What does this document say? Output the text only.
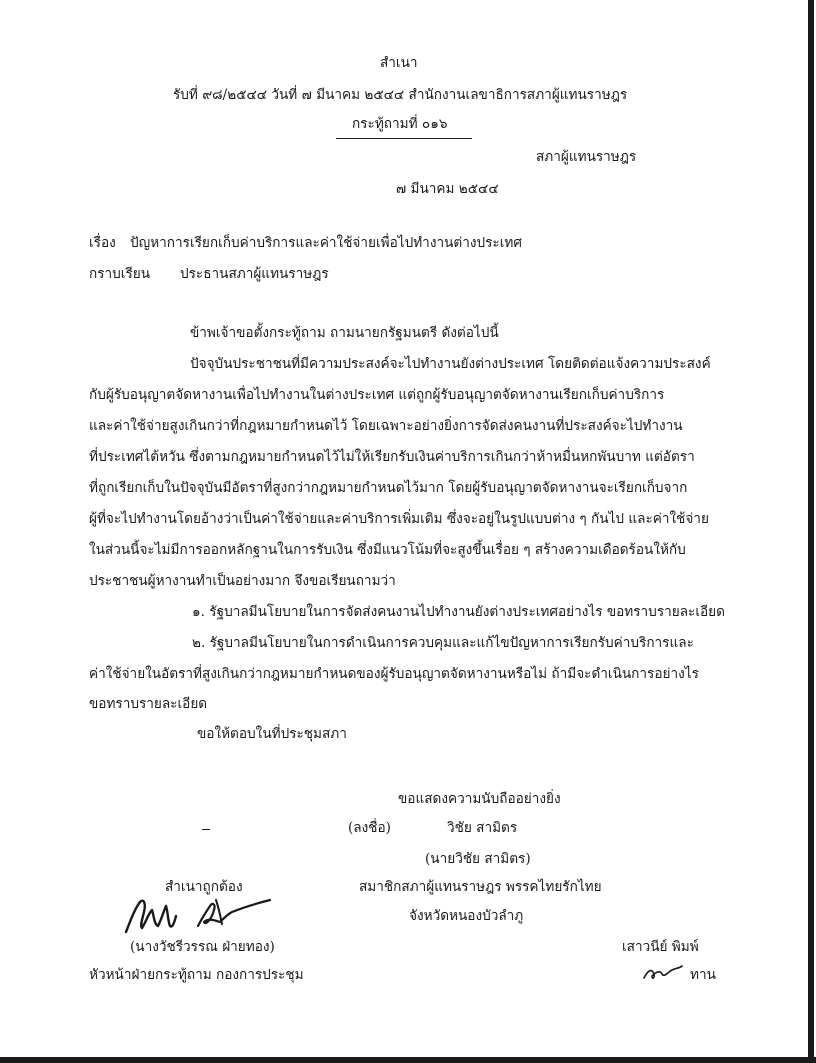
สำเนา
รับที่ ๙๘/๒๕๔๔ วันที่ ๗ มีนาคม ๒๕๔๔ สำนักงานเลขาธิการสภาผู้แทนราษฎร
กระทู้ถามที่ ๐๑๖
สภาผู้แทนราษฎร
๗ มีนาคม ๒๕๔๔
เรื่อง ปัญหาการเรียกเก็บค่าบริการและค่าใช้จ่ายเพื่อไปทำงานต่างประเทศ
กราบเรียน ประธานสภาผู้แทนราษฎร
ข้าพเจ้าขอตั้งกระทู้ถาม ถามนายกรัฐมนตรี ดังต่อไปนี้
ปัจจุบันประชาชนที่มีความประสงค์จะไปทำงานยังต่างประเทศ โดยติดต่อแจ้งความประสงค์
กับผู้รับอนุญาตจัดหางานเพื่อไปทำงานในต่างประเทศ แต่ถูกผู้รับอนุญาตจัดหางานเรียกเก็บค่าบริการ
และค่าใช้จ่ายสูงเกินกว่าที่กฎหมายกำหนดไว้ โดยเฉพาะอย่างยิ่งการจัดส่งคนงานที่ประสงค์จะไปทำงาน
ที่ประเทศไต้หวัน ซึ่งตามกฎหมายกำหนดไว้ไม่ให้เรียกรับเงินค่าบริการเกินกว่าห้าหมื่นหกพันบาท แต่อัตรา
ที่ถูกเรียกเก็บในปัจจุบันมีอัตราที่สูงกว่ากฎหมายกำหนดไว้มาก โดยผู้รับอนุญาตจัดหางานจะเรียกเก็บจาก
ผู้ที่จะไปทำงานโดยอ้างว่าเป็นค่าใช้จ่ายและค่าบริการเพิ่มเติม ซึ่งจะอยู่ในรูปแบบต่าง ๆ กันไป และค่าใช้จ่าย
ในส่วนนี้จะไม่มีการออกหลักฐานในการรับเงิน ซึ่งมีแนวโน้มที่จะสูงขึ้นเรื่อย ๆ สร้างความเดือดร้อนให้กับ
ประชาชนผู้หางานทำเป็นอย่างมาก จึงขอเรียนถามว่า
๑. รัฐบาลมีนโยบายในการจัดส่งคนงานไปทำงานยังต่างประเทศอย่างไร ขอทราบรายละเอียด
๒. รัฐบาลมีนโยบายในการดำเนินการควบคุมและแก้ไขปัญหาการเรียกรับค่าบริการและ
ค่าใช้จ่ายในอัตราที่สูงเกินกว่ากฎหมายกำหนดของผู้รับอนุญาตจัดหางานหรือไม่ ถ้ามีจะดำเนินการอย่างไร
ขอทราบรายละเอียด
ขอให้ตอบในที่ประชุมสภา
ขอแสดงความนับถืออย่างยิ่ง
(ลงชื่อ)	วิชัย สามิตร
(นายวิชัย สามิตร)
สมาชิกสภาผู้แทนราษฎร พรรคไทยรักไทย
จังหวัดหนองบัวลำภู
สำเนาถูกต้อง
(นางวัชรีวรรณ ฝ่ายทอง)
หัวหน้าฝ่ายกระทู้ถาม กองการประชุม
เสาวนีย์ พิมพ์
ทาน
